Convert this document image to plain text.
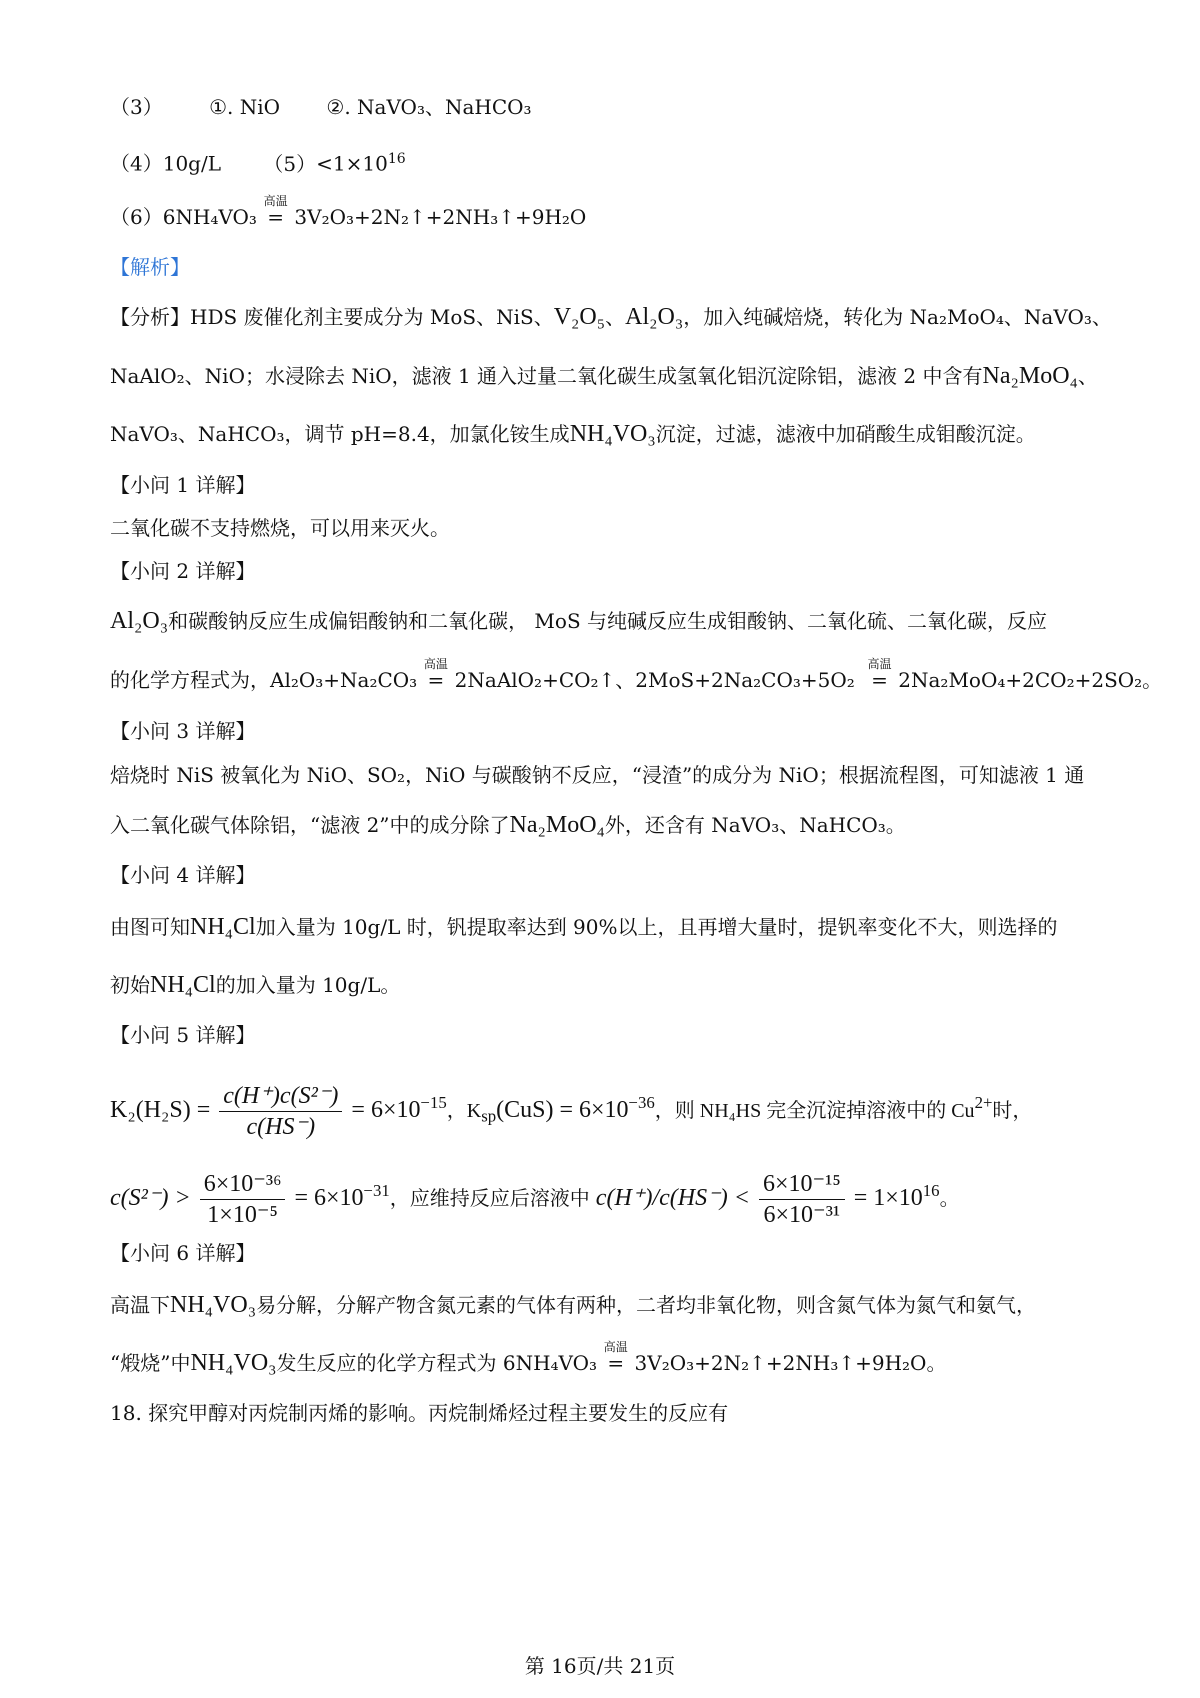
（3） ①. NiO ②. NaVO₃、NaHCO₃
（4）10g/L $(5)<1\times 10^{16}$
（6）6NH₄VO₃
高温
= 3V₂O₃+2N₂↑+2NH₃↑+9H₂O
【解析】
【分析】HDS 废催化剂主要成分为 MoS、NiS、V₂O₅、Al₂O₃，加入纯碱焙烧，转化为 Na₂MoO₄、NaVO₃、
NaAlO₂、NiO；水浸除去 NiO，滤液 1 通入过量二氧化碳生成氢氧化铝沉淀除铝，滤液 2 中含有Na₂MoO₄、
NaVO₃、NaHCO₃，调节 pH=8.4，加氯化铵生成NH₄VO₃沉淀，过滤，滤液中加硝酸生成钼酸沉淀。
【小问 1 详解】
二氧化碳不支持燃烧，可以用来灭火。
【小问 2 详解】
Al₂O₃和碳酸钠反应生成偏铝酸钠和二氧化碳， MoS 与纯碱反应生成钼酸钠、二氧化硫、二氧化碳，反应
的化学方程式为，Al₂O₃+Na₂CO₃
高温
= 2NaAlO₂+CO₂↑、2MoS+2Na₂CO₃+5O₂
高温
= 2Na₂MoO₄+2CO₂+2SO₂。
【小问 3 详解】
焙烧时 NiS 被氧化为 NiO、SO₂，NiO 与碳酸钠不反应，“浸渣”的成分为 NiO；根据流程图，可知滤液 1 通
入二氧化碳气体除铝，“滤液 2”中的成分除了Na₂MoO₄外，还含有 NaVO₃、NaHCO₃。
【小问 4 详解】
由图可知NH₄Cl加入量为 10g/L 时，钒提取率达到 90%以上，且再增大量时，提钒率变化不大，则选择的
初始NH₄Cl的加入量为 10g/L。
【小问 5 详解】
$K_2(H_2S) = \frac{\text{c(H⁺)c(S²⁻)}}{c(HS^-)} = 6\times 10^{-15}$，$K_{sp}(CuS) = 6\times 10^{-36}$，则 NH₄HS 完全沉淀掉溶液中的 $Cu^{2+}$时，
$c(S^{2-}) > \frac{\text{6×10⁻³⁶}}{\text{1×10⁻⁵}} = 6\times 10^{-31}$，应维持反应后溶液中 $c(H^+)/c(HS^-) < \frac{\text{6×10⁻¹⁵}}{\text{6×10⁻³¹}} = 1\times 10^{16}$。
【小问 6 详解】
高温下NH₄VO₃易分解，分解产物含氮元素的气体有两种，二者均非氧化物，则含氮气体为氮气和氨气，
“煅烧”中NH₄VO₃发生反应的化学方程式为 6NH₄VO₃
高温
= 3V₂O₃+2N₂↑+2NH₃↑+9H₂O。
18. 探究甲醇对丙烷制丙烯的影响。丙烷制烯烃过程主要发生的反应有
第 16页/共 21页
